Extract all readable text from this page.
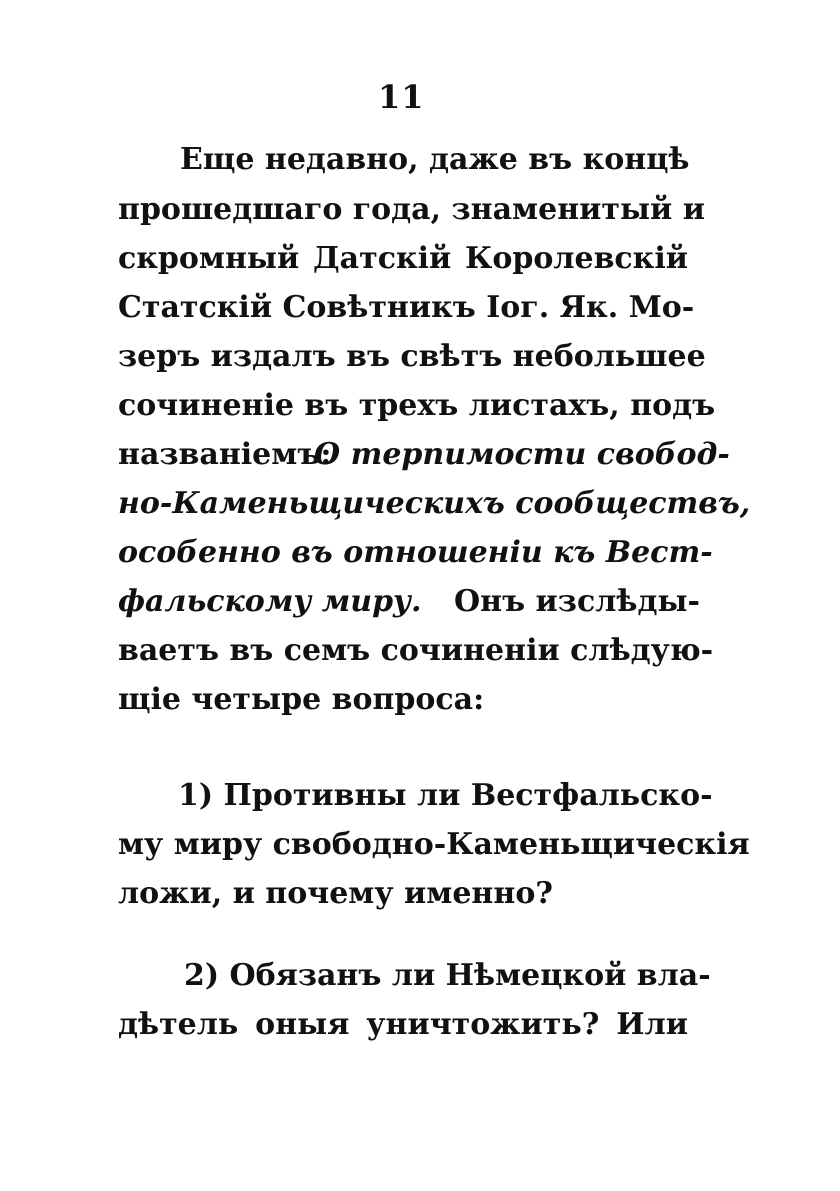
11
Еще недавно, даже въ концѣ
прошедшаго года, знаменитый и
скромный Датскій Королевскій
Статскій Совѣтникъ Іог. Як. Мо-
зеръ издалъ въ свѣтъ небольшее
сочиненіе въ трехъ листахъ, подъ
названіемъ:
О терпимости свобод-
но-Каменьщическихъ сообществъ,
особенно въ отношеніи къ Вест-
фальскому миру. Онъ изслѣды-
ваетъ въ семъ сочиненіи слѣдую-
щіе четыре вопроса:
1) Противны ли Вестфальско-
му миру свободно-Каменьщическія
ложи, и почему именно?
2) Обязанъ ли Нѣмецкой вла-
дѣтель оныя уничтожить? Или
